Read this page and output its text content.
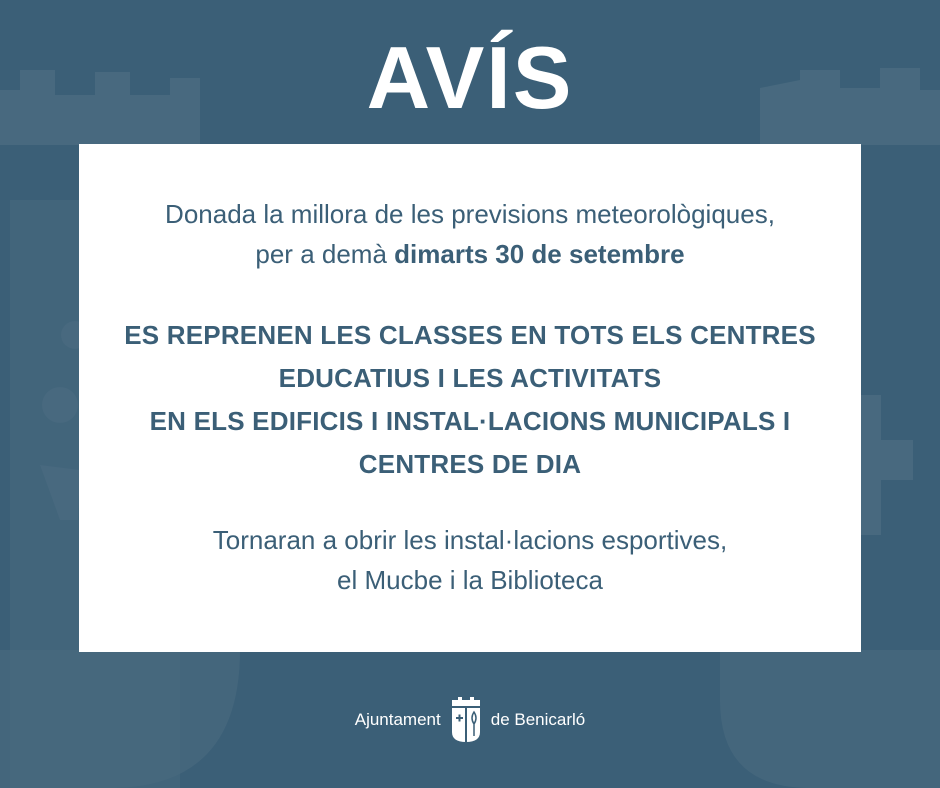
AVÍS
Donada la millora de les previsions meteorològiques,
per a demà dimarts 30 de setembre
ES REPRENEN LES CLASSES EN TOTS ELS CENTRES
EDUCATIUS I LES ACTIVITATS
EN ELS EDIFICIS I INSTAL·LACIONS MUNICIPALS I
CENTRES DE DIA
Tornaran a obrir les instal·lacions esportives,
el Mucbe i la Biblioteca
Ajuntament	de Benicarló
